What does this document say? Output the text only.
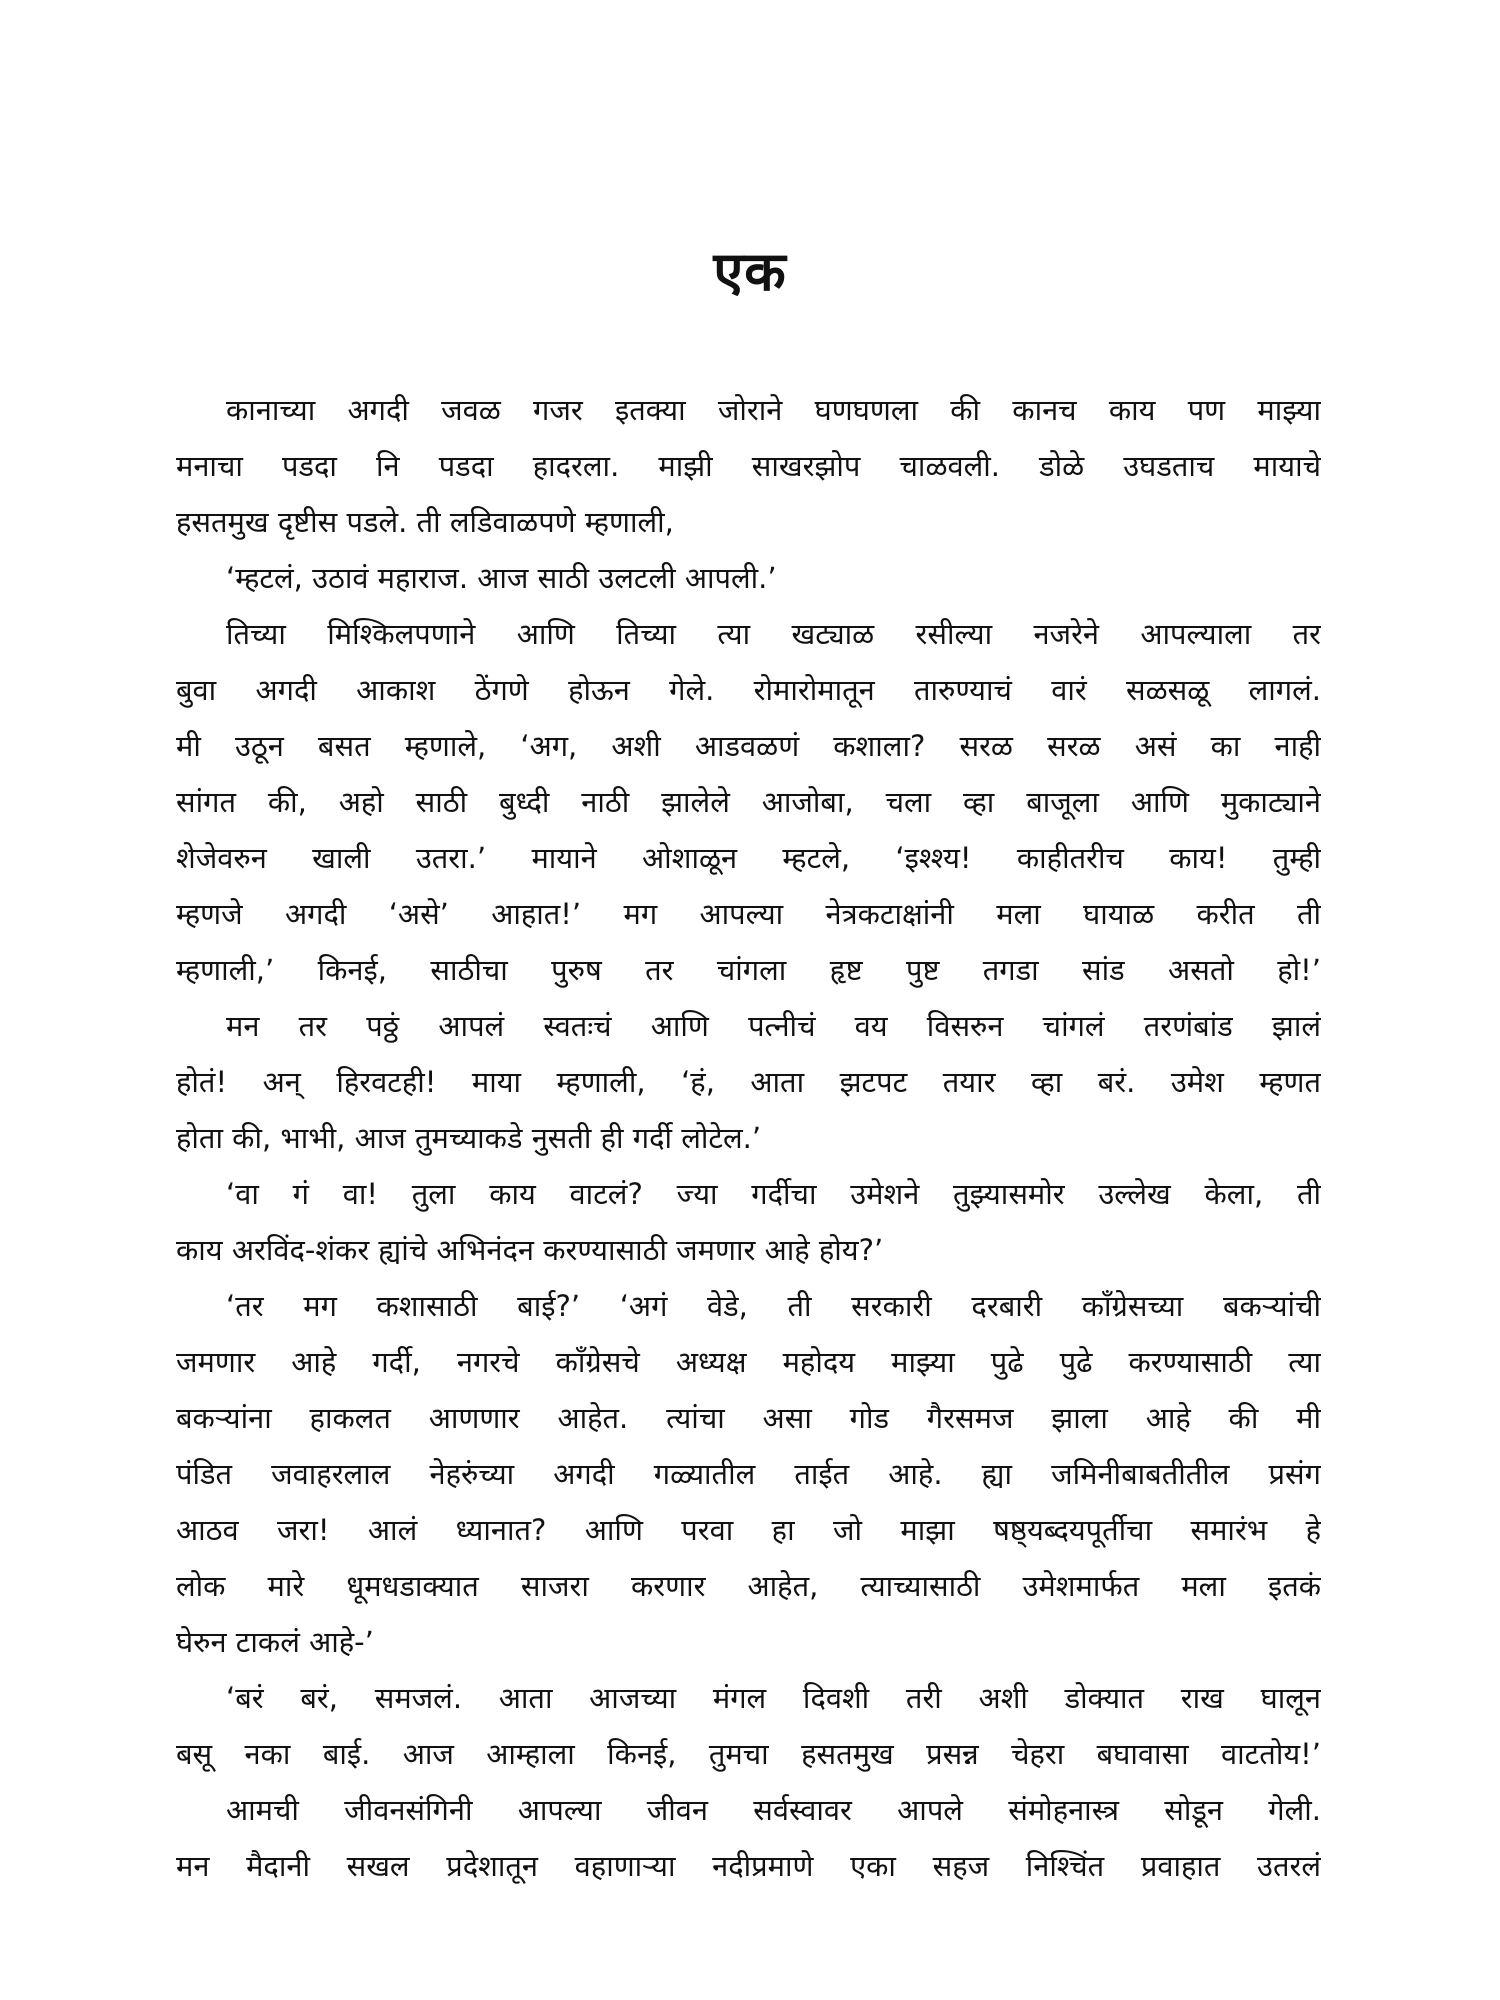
एक
कानाच्या अगदी जवळ गजर इतक्या जोराने घणघणला की कानच काय पण माझ्या
मनाचा पडदा नि पडदा हादरला. माझी साखरझोप चाळवली. डोळे उघडताच मायाचे
हसतमुख दृष्टीस पडले. ती लडिवाळपणे म्हणाली,
‘म्हटलं, उठावं महाराज. आज साठी उलटली आपली.’
तिच्या मिश्किलपणाने आणि तिच्या त्या खट्याळ रसील्या नजरेने आपल्याला तर
बुवा अगदी आकाश ठेंगणे होऊन गेले. रोमारोमातून तारुण्याचं वारं सळसळू लागलं.
मी उठून बसत म्हणाले, ‘अग, अशी आडवळणं कशाला? सरळ सरळ असं का नाही
सांगत की, अहो साठी बुध्दी नाठी झालेले आजोबा, चला व्हा बाजूला आणि मुकाट्याने
शेजेवरुन खाली उतरा.’ मायाने ओशाळून म्हटले, ‘इश्श्य! काहीतरीच काय! तुम्ही
म्हणजे अगदी ‘असे’ आहात!’ मग आपल्या नेत्रकटाक्षांनी मला घायाळ करीत ती
म्हणाली,’ किनई, साठीचा पुरुष तर चांगला हृष्ट पुष्ट तगडा सांड असतो हो!’
मन तर पठ्ठं आपलं स्वतःचं आणि पत्नीचं वय विसरुन चांगलं तरणंबांड झालं
होतं! अन् हिरवटही! माया म्हणाली, ‘हं, आता झटपट तयार व्हा बरं. उमेश म्हणत
होता की, भाभी, आज तुमच्याकडे नुसती ही गर्दी लोटेल.’
‘वा गं वा! तुला काय वाटलं? ज्या गर्दीचा उमेशने तुझ्यासमोर उल्लेख केला, ती
काय अरविंद-शंकर ह्यांचे अभिनंदन करण्यासाठी जमणार आहे होय?’
‘तर मग कशासाठी बाई?’ ‘अगं वेडे, ती सरकारी दरबारी कॉंग्रेसच्या बकऱ्यांची
जमणार आहे गर्दी, नगरचे कॉंग्रेसचे अध्यक्ष महोदय माझ्या पुढे पुढे करण्यासाठी त्या
बकऱ्यांना हाकलत आणणार आहेत. त्यांचा असा गोड गैरसमज झाला आहे की मी
पंडित जवाहरलाल नेहरुंच्या अगदी गळ्यातील ताईत आहे. ह्या जमिनीबाबतीतील प्रसंग
आठव जरा! आलं ध्यानात? आणि परवा हा जो माझा षष्ठ्यब्दयपूर्तीचा समारंभ हे
लोक मारे धूमधडाक्यात साजरा करणार आहेत, त्याच्यासाठी उमेशमार्फत मला इतकं
घेरुन टाकलं आहे-’
‘बरं बरं, समजलं. आता आजच्या मंगल दिवशी तरी अशी डोक्यात राख घालून
बसू नका बाई. आज आम्हाला किनई, तुमचा हसतमुख प्रसन्न चेहरा बघावासा वाटतोय!’
आमची जीवनसंगिनी आपल्या जीवन सर्वस्वावर आपले संमोहनास्त्र सोडून गेली.
मन मैदानी सखल प्रदेशातून वहाणाऱ्या नदीप्रमाणे एका सहज निश्चिंत प्रवाहात उतरलं
